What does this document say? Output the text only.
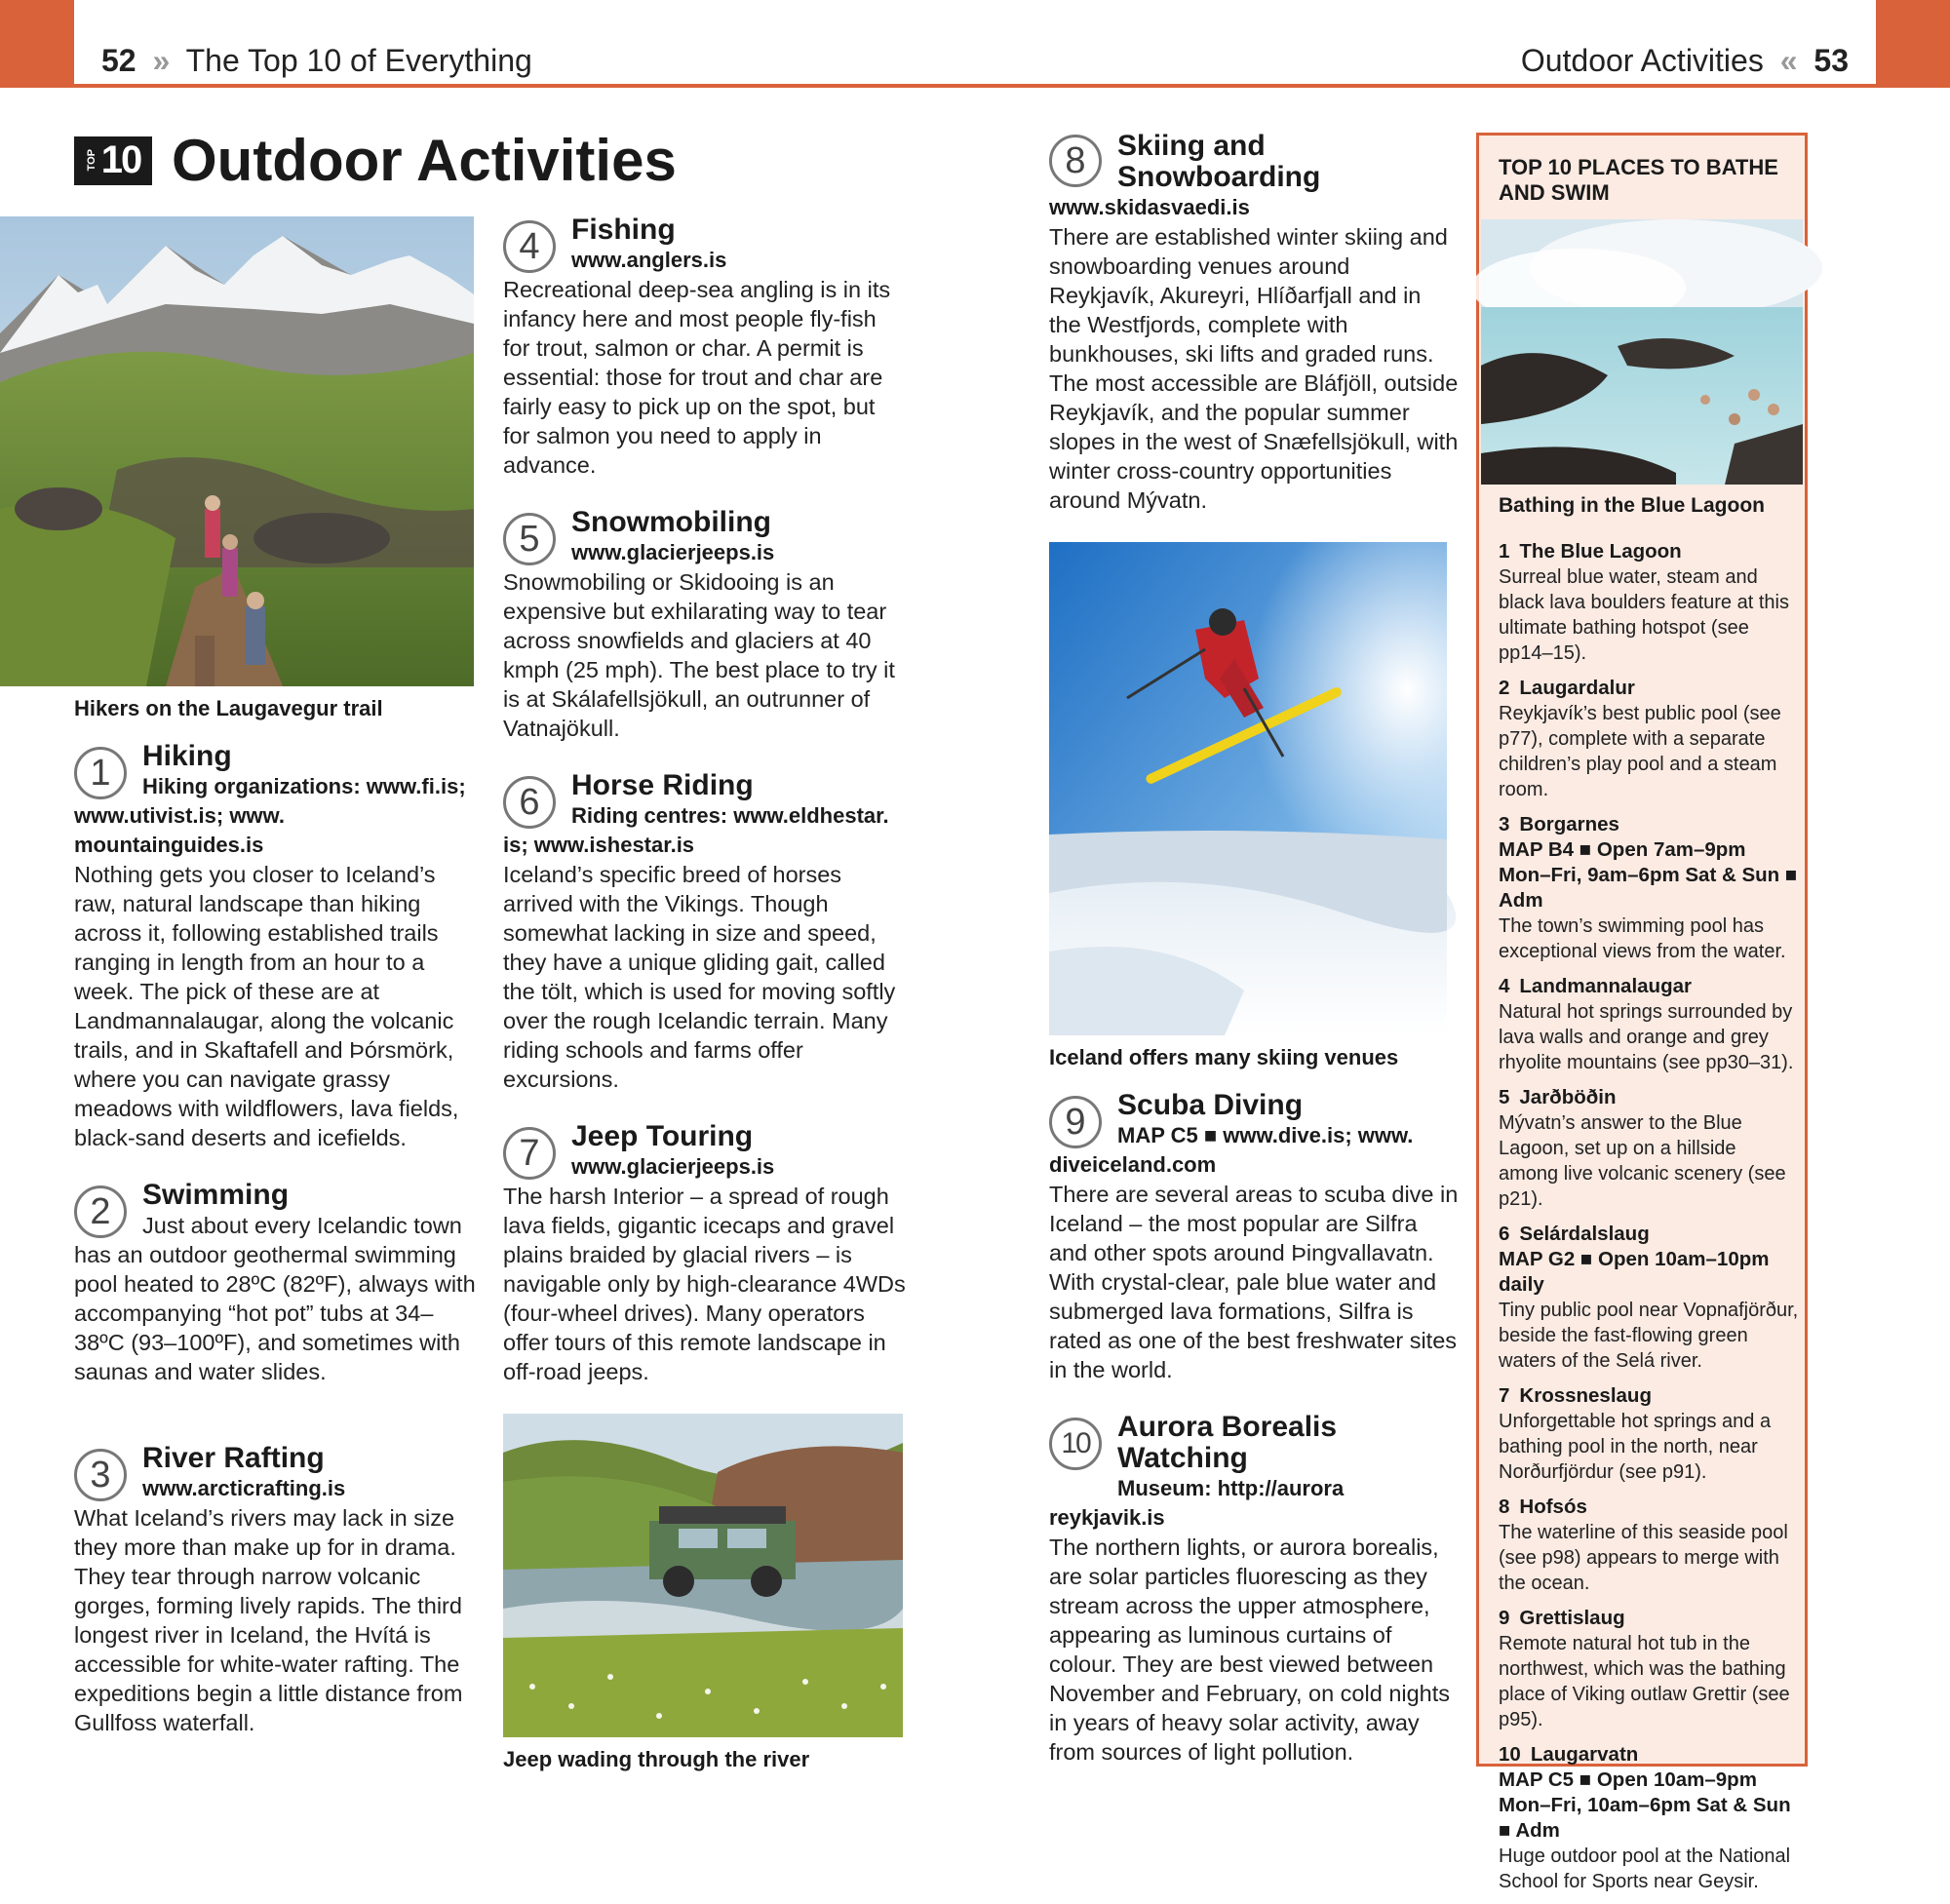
52 » The Top 10 of Everything	Outdoor Activities « 53
TOP 10 Outdoor Activities
Hikers on the Laugavegur trail
1	Hiking
Hiking organizations: www.fi.is; www.utivist.is; www. mountainguides.is
Nothing gets you closer to Iceland’s raw, natural landscape than hiking across it, following established trails ranging in length from an hour to a week. The pick of these are at Landmannalaugar, along the volcanic trails, and in Skaftafell and Þórsmörk, where you can navigate grassy meadows with wildflowers, lava fields, black-sand deserts and icefields.
2	Swimming
Just about every Icelandic town has an outdoor geothermal swimming pool heated to 28ºC (82ºF), always with accompanying “hot pot” tubs at 34–38ºC (93–100ºF), and sometimes with saunas and water slides.
3	River Rafting
www.arcticrafting.is
What Iceland’s rivers may lack in size they more than make up for in drama. They tear through narrow volcanic gorges, forming lively rapids. The third longest river in Iceland, the Hvítá is accessible for white-water rafting. The expeditions begin a little distance from Gullfoss waterfall.
4	Fishing
www.anglers.is
Recreational deep-sea angling is in its infancy here and most people fly-fish for trout, salmon or char. A permit is essential: those for trout and char are fairly easy to pick up on the spot, but for salmon you need to apply in advance.
5	Snowmobiling
www.glacierjeeps.is
Snowmobiling or Skidooing is an expensive but exhilarating way to tear across snowfields and glaciers at 40 kmph (25 mph). The best place to try it is at Skálafellsjökull, an outrunner of Vatnajökull.
6	Horse Riding
Riding centres: www.eldhestar. is; www.ishestar.is
Iceland’s specific breed of horses arrived with the Vikings. Though somewhat lacking in size and speed, they have a unique gliding gait, called the tölt, which is used for moving softly over the rough Icelandic terrain. Many riding schools and farms offer excursions.
7	Jeep Touring
www.glacierjeeps.is
The harsh Interior – a spread of rough lava fields, gigantic icecaps and gravel plains braided by glacial rivers – is navigable only by high-clearance 4WDs (four-wheel drives). Many operators offer tours of this remote landscape in off-road jeeps.
Jeep wading through the river
8	Skiing and Snowboarding
www.skidasvaedi.is
There are established winter skiing and snowboarding venues around Reykjavík, Akureyri, Hlíðarfjall and in the Westfjords, complete with bunkhouses, ski lifts and graded runs. The most accessible are Bláfjöll, outside Reykjavík, and the popular summer slopes in the west of Snæfellsjökull, with winter cross-country opportunities around Mývatn.
Iceland offers many skiing venues
9	Scuba Diving
MAP C5 ■ www.dive.is; www. diveiceland.com
There are several areas to scuba dive in Iceland – the most popular are Silfra and other spots around Þingvallavatn. With crystal-clear, pale blue water and submerged lava formations, Silfra is rated as one of the best freshwater sites in the world.
10
Aurora Borealis Watching
Museum: http://aurora reykjavik.is
The northern lights, or aurora borealis, are solar particles fluorescing as they stream across the upper atmosphere, appearing as luminous curtains of colour. They are best viewed between November and February, on cold nights in years of heavy solar activity, away from sources of light pollution.
TOP 10 PLACES TO BATHE AND SWIM
Bathing in the Blue Lagoon
1 The Blue Lagoon
Surreal blue water, steam and black lava boulders feature at this ultimate bathing hotspot (see pp14–15).
2 Laugardalur
Reykjavík’s best public pool (see p77), complete with a separate children’s play pool and a steam room.
3 Borgarnes
MAP B4 ■ Open 7am–9pm Mon–Fri, 9am–6pm Sat & Sun ■ Adm
The town’s swimming pool has exceptional views from the water.
4 Landmannalaugar
Natural hot springs surrounded by lava walls and orange and grey rhyolite mountains (see pp30–31).
5 Jarðböðin
Mývatn’s answer to the Blue Lagoon, set up on a hillside among live volcanic scenery (see p21).
6 Selárdalslaug
MAP G2 ■ Open 10am–10pm daily
Tiny public pool near Vopnafjörður, beside the fast-flowing green waters of the Selá river.
7 Krossneslaug
Unforgettable hot springs and a bathing pool in the north, near Norðurfjördur (see p91).
8 Hofsós
The waterline of this seaside pool (see p98) appears to merge with the ocean.
9 Grettislaug
Remote natural hot tub in the northwest, which was the bathing place of Viking outlaw Grettir (see p95).
10 Laugarvatn
MAP C5 ■ Open 10am–9pm Mon–Fri, 10am–6pm Sat & Sun ■ Adm
Huge outdoor pool at the National School for Sports near Geysir.
